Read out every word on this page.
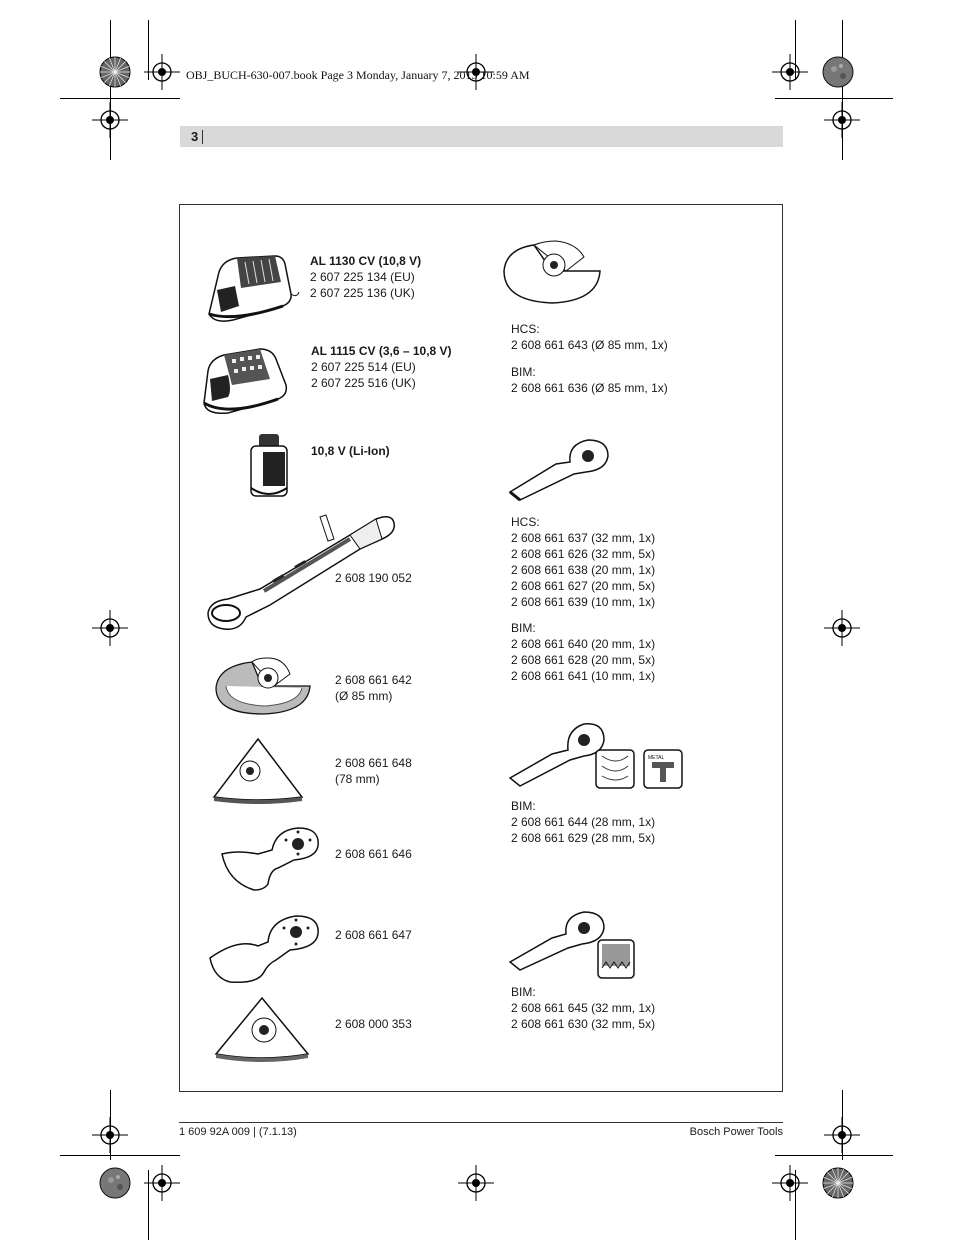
OBJ_BUCH-630-007.book Page 3 Monday, January 7, 2013 10:59 AM
3
METAL
AL 1130 CV (10,8 V)
2 607 225 134 (EU)
2 607 225 136 (UK)
AL 1115 CV (3,6 – 10,8 V)
2 607 225 514 (EU)
2 607 225 516 (UK)
10,8 V (Li-Ion)
2 608 190 052
2 608 661 642
(Ø 85 mm)
2 608 661 648
(78 mm)
2 608 661 646
2 608 661 647
2 608 000 353
HCS:
2 608 661 643 (Ø 85 mm, 1x)
BIM:
2 608 661 636 (Ø 85 mm, 1x)
HCS:
2 608 661 637 (32 mm, 1x)
2 608 661 626 (32 mm, 5x)
2 608 661 638 (20 mm, 1x)
2 608 661 627 (20 mm, 5x)
2 608 661 639 (10 mm, 1x)
BIM:
2 608 661 640 (20 mm, 1x)
2 608 661 628 (20 mm, 5x)
2 608 661 641 (10 mm, 1x)
BIM:
2 608 661 644 (28 mm, 1x)
2 608 661 629 (28 mm, 5x)
BIM:
2 608 661 645 (32 mm, 1x)
2 608 661 630 (32 mm, 5x)
1 609 92A 009 | (7.1.13)	Bosch Power Tools
